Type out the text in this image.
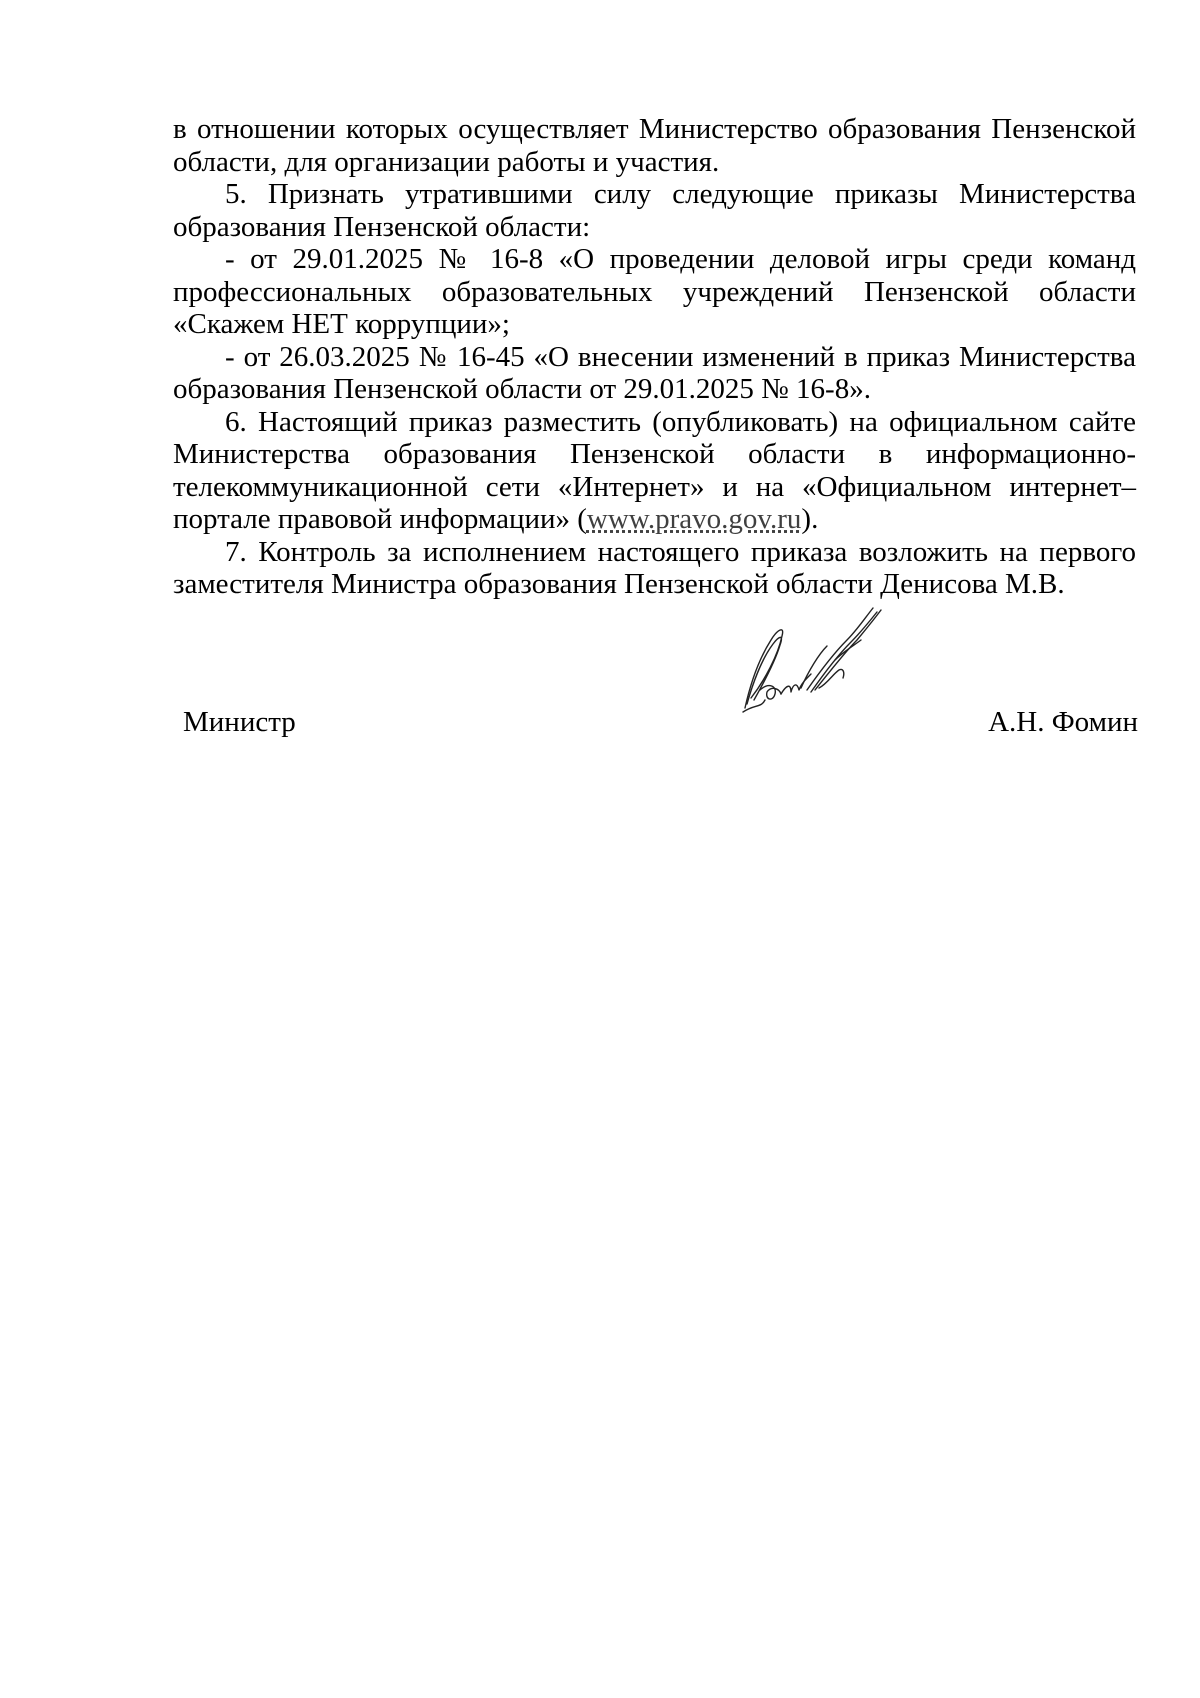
в отношении которых осуществляет Министерство образования Пензенской области, для организации работы и участия.

5. Признать утратившими силу следующие приказы Министерства образования Пензенской области:

- от 29.01.2025 № 16-8 «О проведении деловой игры среди команд профессиональных образовательных учреждений Пензенской области «Скажем НЕТ коррупции»;

- от 26.03.2025 № 16-45 «О внесении изменений в приказ Министерства образования Пензенской области от 29.01.2025 № 16-8».

6. Настоящий приказ разместить (опубликовать) на официальном сайте Министерства образования Пензенской области в информационно-телекоммуникационной сети «Интернет» и на «Официальном интернет–портале правовой информации» (www.pravo.gov.ru).

7. Контроль за исполнением настоящего приказа возложить на первого заместителя Министра образования Пензенской области Денисова М.В.

Министр	А.Н. Фомин
